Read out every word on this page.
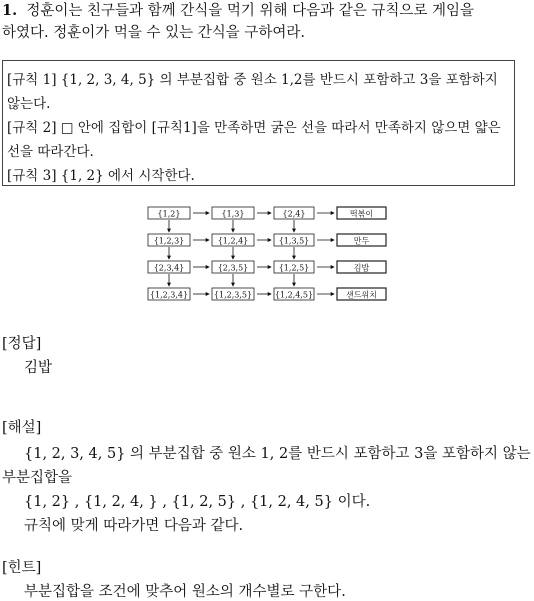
1. 정훈이는 친구들과 함께 간식을 먹기 위해 다음과 같은 규칙으로 게임을
하였다. 정훈이가 먹을 수 있는 간식을 구하여라.
[규칙 1] {1, 2, 3, 4, 5} 의 부분집합 중 원소 1,2를 반드시 포함하고 3을 포함하지
않는다.
[규칙 2] □ 안에 집합이 [규칙1]을 만족하면 굵은 선을 따라서 만족하지 않으면 얇은
선을 따라간다.
[규칙 3] {1, 2} 에서 시작한다.
{1,2}	{1,3}	{2,4}	떡볶이
{1,2,3}	{1,2,4}	{1,3,5}	만두
{2,3,4}	{2,3,5}	{1,2,5}	김밥
{1,2,3,4}	{1,2,3,5}	{1,2,4,5}	샌드위치
[정답]
김밥
[해설]
{1, 2, 3, 4, 5} 의 부분집합 중 원소 1, 2를 반드시 포함하고 3을 포함하지 않는
부분집합을
{1, 2} , {1, 2, 4, } , {1, 2, 5} , {1, 2, 4, 5} 이다.
규칙에 맞게 따라가면 다음과 같다.
[힌트]
부분집합을 조건에 맞추어 원소의 개수별로 구한다.
